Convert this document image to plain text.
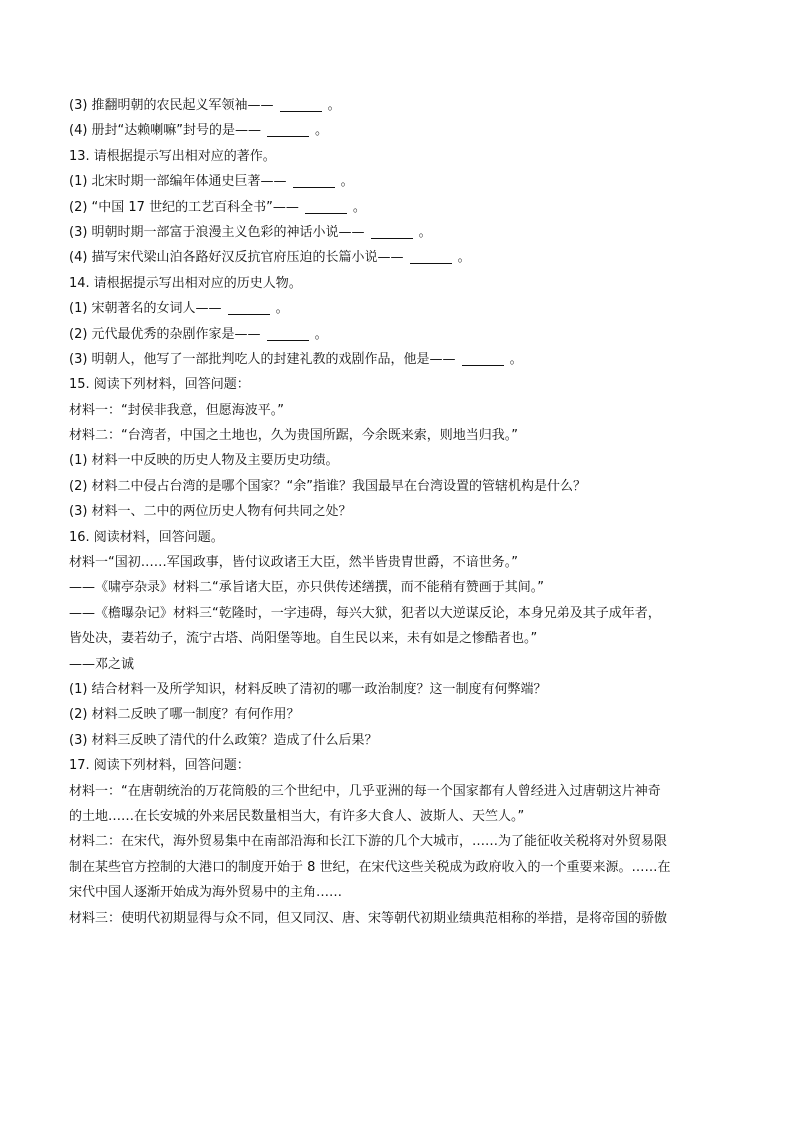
(3) 推翻明朝的农民起义军领袖——	。
(4) 册封“达赖喇嘛”封号的是——	。
13. 请根据提示写出相对应的著作。
(1) 北宋时期一部编年体通史巨著——	。
(2) “中国 17 世纪的工艺百科全书”——	。
(3) 明朝时期一部富于浪漫主义色彩的神话小说——	。
(4) 描写宋代梁山泊各路好汉反抗官府压迫的长篇小说——	。
14. 请根据提示写出相对应的历史人物。
(1) 宋朝著名的女词人——	。
(2) 元代最优秀的杂剧作家是——	。
(3) 明朝人，他写了一部批判吃人的封建礼教的戏剧作品，他是——	。
15. 阅读下列材料，回答问题：
材料一：“封侯非我意，但愿海波平。”
材料二：“台湾者，中国之土地也，久为贵国所踞，今余既来索，则地当归我。”
(1) 材料一中反映的历史人物及主要历史功绩。
(2) 材料二中侵占台湾的是哪个国家？“余”指谁？我国最早在台湾设置的管辖机构是什么？
(3) 材料一、二中的两位历史人物有何共同之处？
16. 阅读材料，回答问题。
材料一“国初……军国政事，皆付议政诸王大臣，然半皆贵胄世爵，不谙世务。”
——《啸亭杂录》材料二“承旨诸大臣，亦只供传述缮撰，而不能稍有赞画于其间。”
——《檐曝杂记》材料三“乾隆时，一字违碍，每兴大狱，犯者以大逆谋反论，本身兄弟及其子成年者，
皆处决，妻若幼子，流宁古塔、尚阳堡等地。自生民以来，未有如是之惨酷者也。”
——邓之诚
(1) 结合材料一及所学知识，材料反映了清初的哪一政治制度？这一制度有何弊端？
(2) 材料二反映了哪一制度？有何作用？
(3) 材料三反映了清代的什么政策？造成了什么后果？
17. 阅读下列材料，回答问题：
材料一：“在唐朝统治的万花筒般的三个世纪中，几乎亚洲的每一个国家都有人曾经进入过唐朝这片神奇
的土地……在长安城的外来居民数量相当大，有许多大食人、波斯人、天竺人。”
材料二：在宋代，海外贸易集中在南部沿海和长江下游的几个大城市，……为了能征收关税将对外贸易限
制在某些官方控制的大港口的制度开始于 8 世纪，在宋代这些关税成为政府收入的一个重要来源。……在
宋代中国人逐渐开始成为海外贸易中的主角……
材料三：使明代初期显得与众不同，但又同汉、唐、宋等朝代初期业绩典范相称的举措，是将帝国的骄傲
